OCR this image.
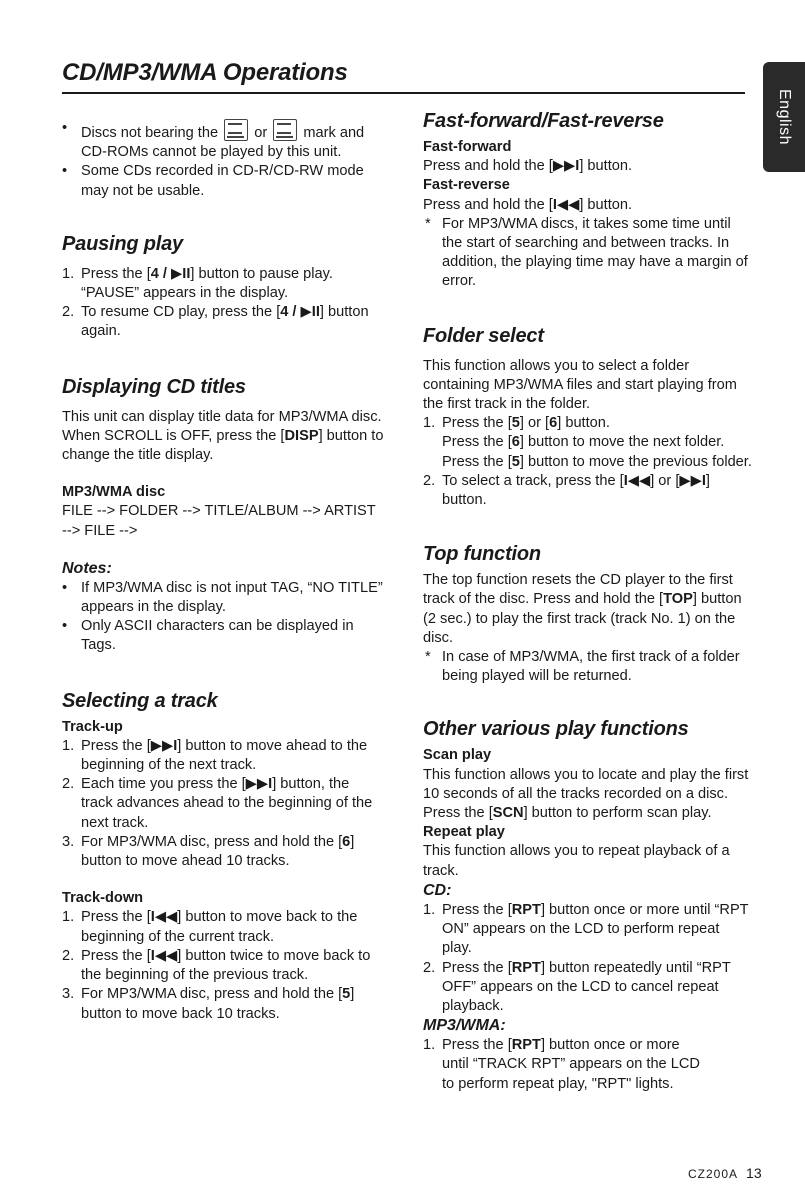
CD/MP3/WMA Operations
English
• Discs not bearing the or mark and CD-ROMs cannot be played by this unit.
• Some CDs recorded in CD-R/CD-RW mode may not be usable.
Pausing play
1. Press the [4 / ▶II] button to pause play. “PAUSE” appears in the display.
2. To resume CD play, press the [4 / ▶II] button again.
Displaying CD titles

This unit can display title data for MP3/WMA disc.

When SCROLL is OFF, press the [DISP] button to change the title display.

MP3/WMA disc

FILE --> FOLDER --> TITLE/ALBUM --> ARTIST --> FILE -->

Notes:
• If MP3/WMA disc is not input TAG, “NO TITLE” appears in the display.
• Only ASCII characters can be displayed in Tags.
Selecting a track
Track-up
1. Press the [▶▶I] button to move ahead to the beginning of the next track.
2. Each time you press the [▶▶I] button, the track advances ahead to the beginning of the next track.
3. For MP3/WMA disc, press and hold the [6] button to move ahead 10 tracks.
Track-down
1. Press the [I◀◀] button to move back to the beginning of the current track.
2. Press the [I◀◀] button twice to move back to the beginning of the previous track.
3. For MP3/WMA disc, press and hold the [5] button to move back 10 tracks.
Fast-forward/Fast-reverse
Fast-forward

Press and hold the [▶▶I] button.

Fast-reverse

Press and hold the [I◀◀] button.

* For MP3/WMA discs, it takes some time until the start of searching and between tracks. In addition, the playing time may have a margin of error.
Folder select

This function allows you to select a folder containing MP3/WMA files and start playing from the first track in the folder.

1. Press the [5] or [6] button.
Press the [6] button to move the next folder. Press the [5] button to move the previous folder.
2. To select a track, press the [I◀◀] or [▶▶I] button.
Top function

The top function resets the CD player to the first track of the disc. Press and hold the [TOP] button (2 sec.) to play the first track (track No. 1) on the disc.

* In case of MP3/WMA, the first track of a folder being played will be returned.
Other various play functions
Scan play

This function allows you to locate and play the first 10 seconds of all the tracks recorded on a disc.

Press the [SCN] button to perform scan play.

Repeat play

This function allows you to repeat playback of a track.

CD:
1. Press the [RPT] button once or more until “RPT ON” appears on the LCD to perform repeat play.
2. Press the [RPT] button repeatedly until “RPT OFF” appears on the LCD to cancel repeat playback.
MP3/WMA:
1. Press the [RPT] button once or more until “TRACK RPT” appears on the LCD to perform repeat play, "RPT" lights.
CZ200A 13
